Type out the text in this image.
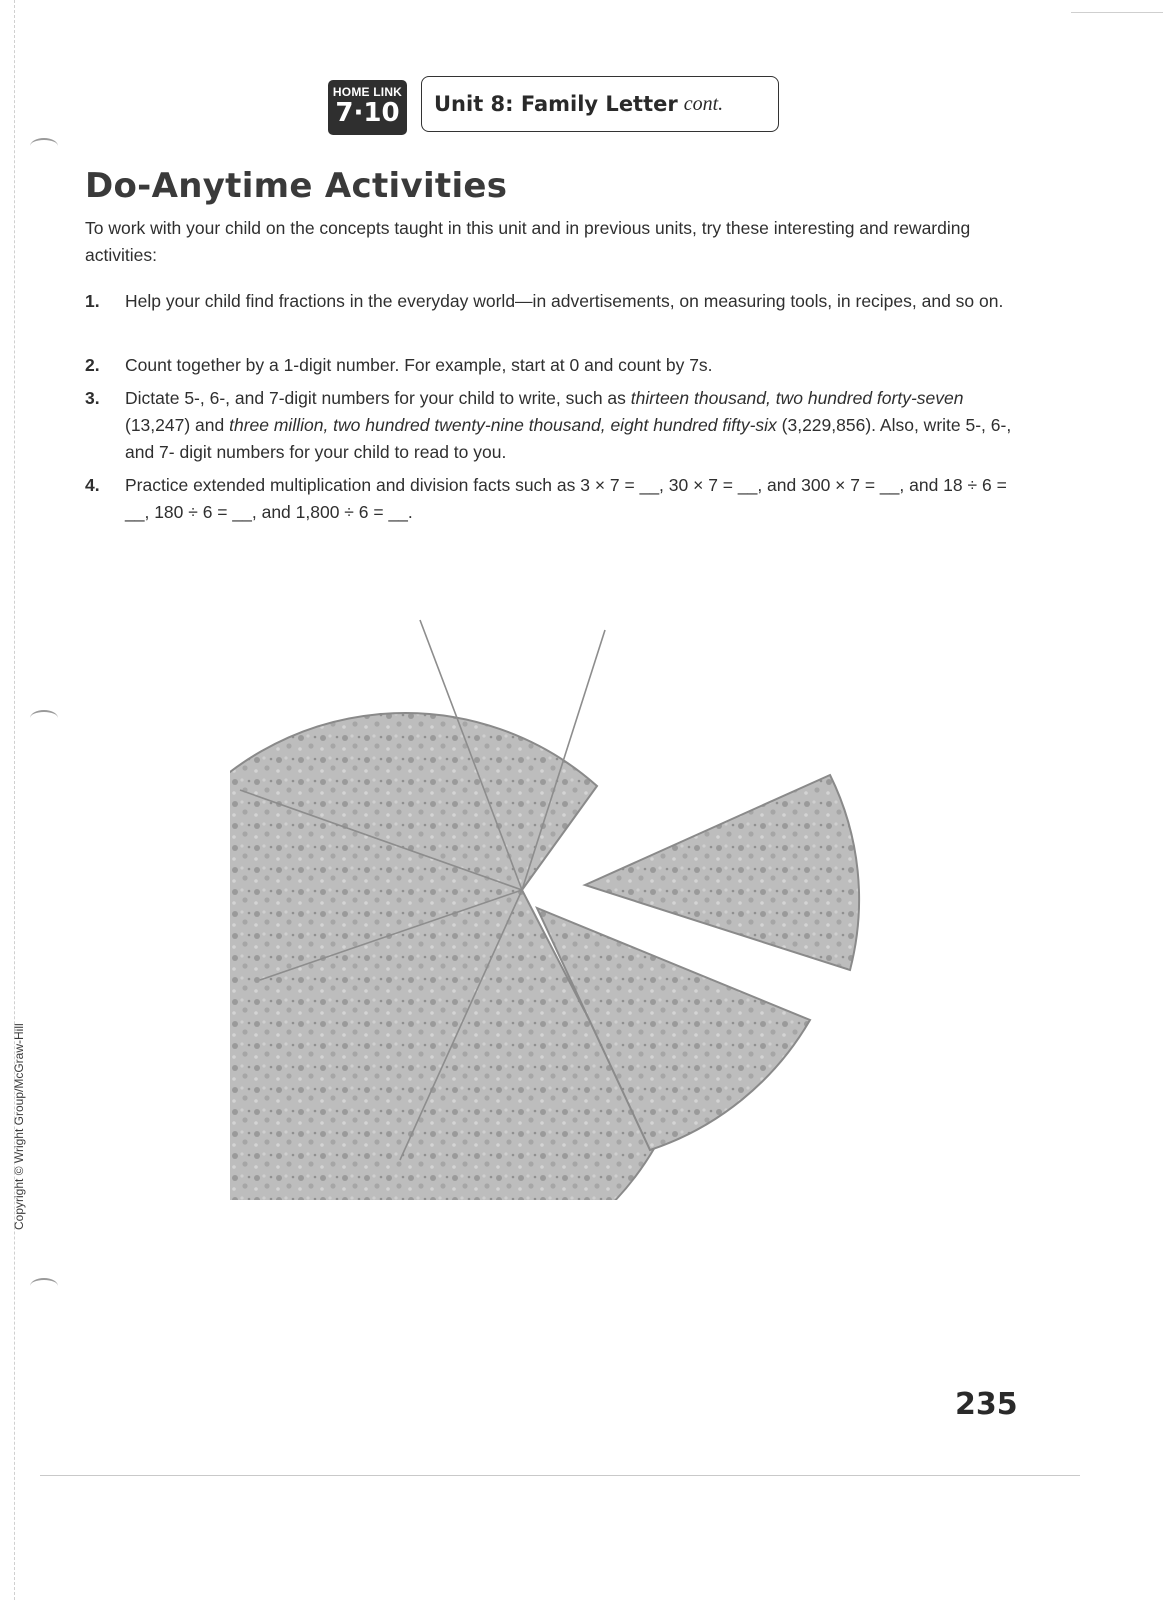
HOME LINK
7·10	Unit 8: Family Letter cont.
Do-Anytime Activities

To work with your child on the concepts taught in this unit and in previous units, try these interesting and rewarding activities:

1.	Help your child find fractions in the everyday world—in advertisements, on measuring tools, in recipes, and so on.
2.	Count together by a 1-digit number. For example, start at 0 and count by 7s.
3.	Dictate 5-, 6-, and 7-digit numbers for your child to write, such as thirteen thousand, two hundred forty-seven (13,247) and three million, two hundred twenty-nine thousand, eight hundred fifty-six (3,229,856). Also, write 5-, 6-, and 7- digit numbers for your child to read to you.
4.	Practice extended multiplication and division facts such as 3 × 7 = __, 30 × 7 = __, and 300 × 7 = __, and 18 ÷ 6 = __, 180 ÷ 6 = __, and 1,800 ÷ 6 = __.
Copyright © Wright Group/McGraw-Hill
235
